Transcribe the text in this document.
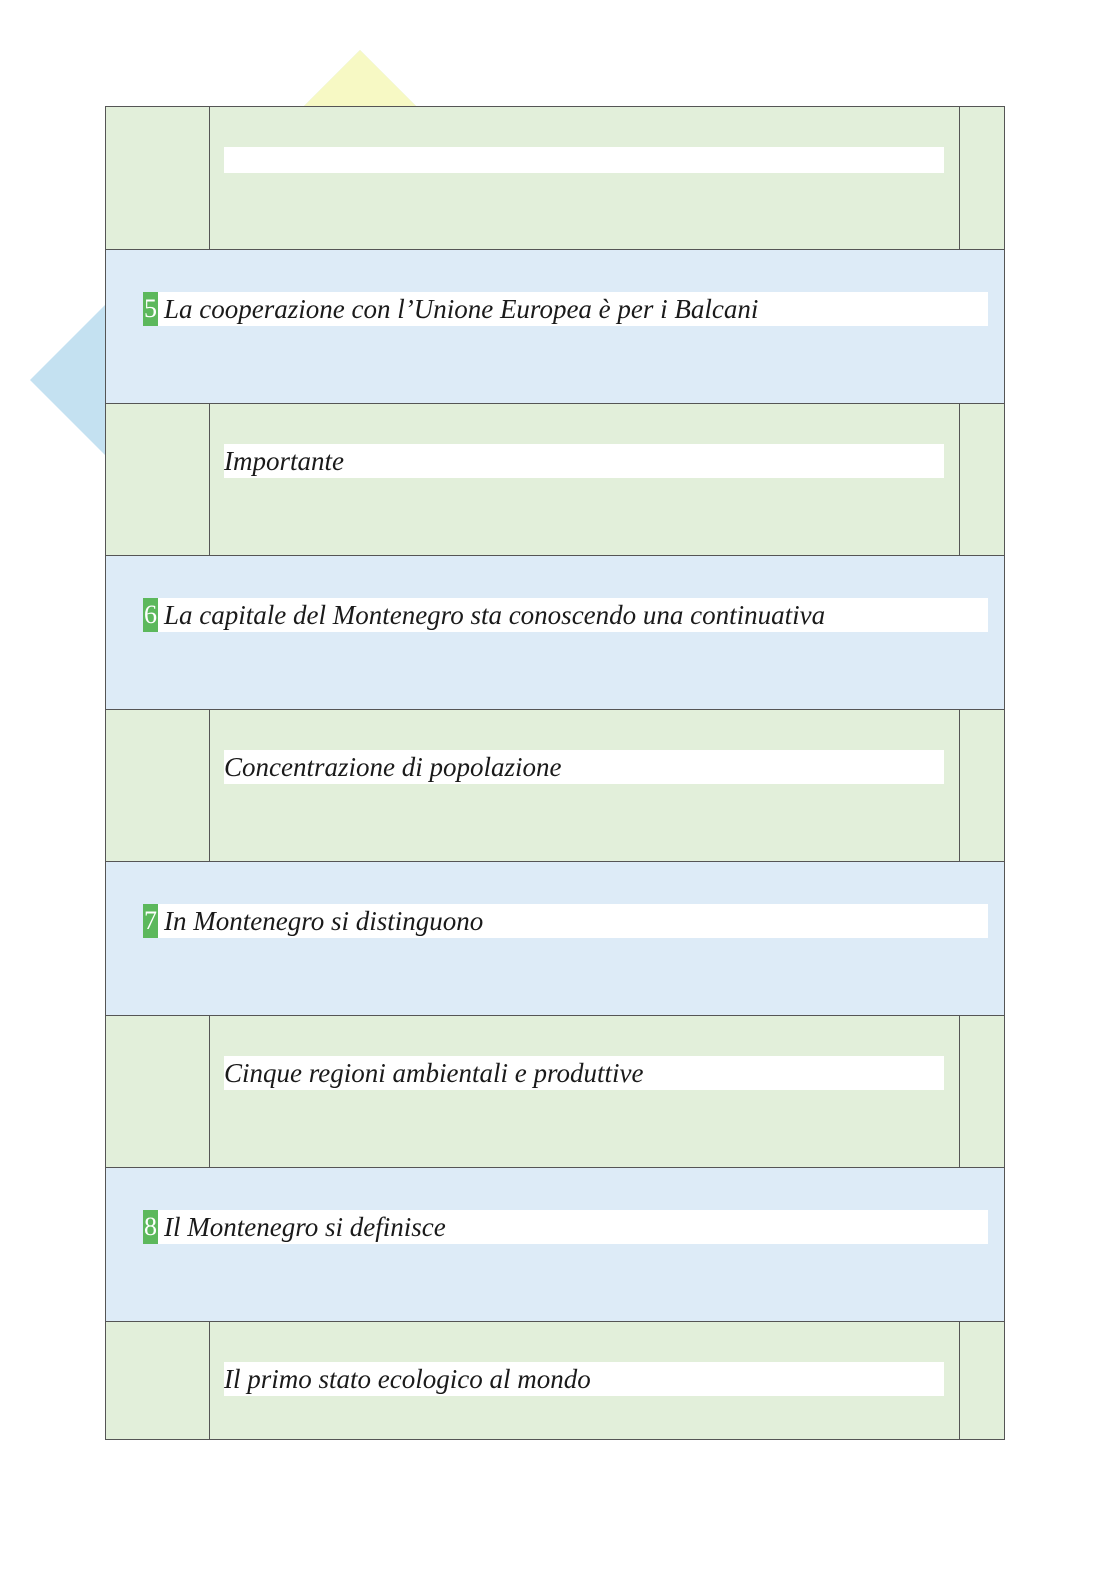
5 La cooperazione con l’Unione Europea è per i Balcani
Importante
6 La capitale del Montenegro sta conoscendo una continuativa
Concentrazione di popolazione
7 In Montenegro si distinguono
Cinque regioni ambientali e produttive
8 Il Montenegro si definisce
Il primo stato ecologico al mondo
